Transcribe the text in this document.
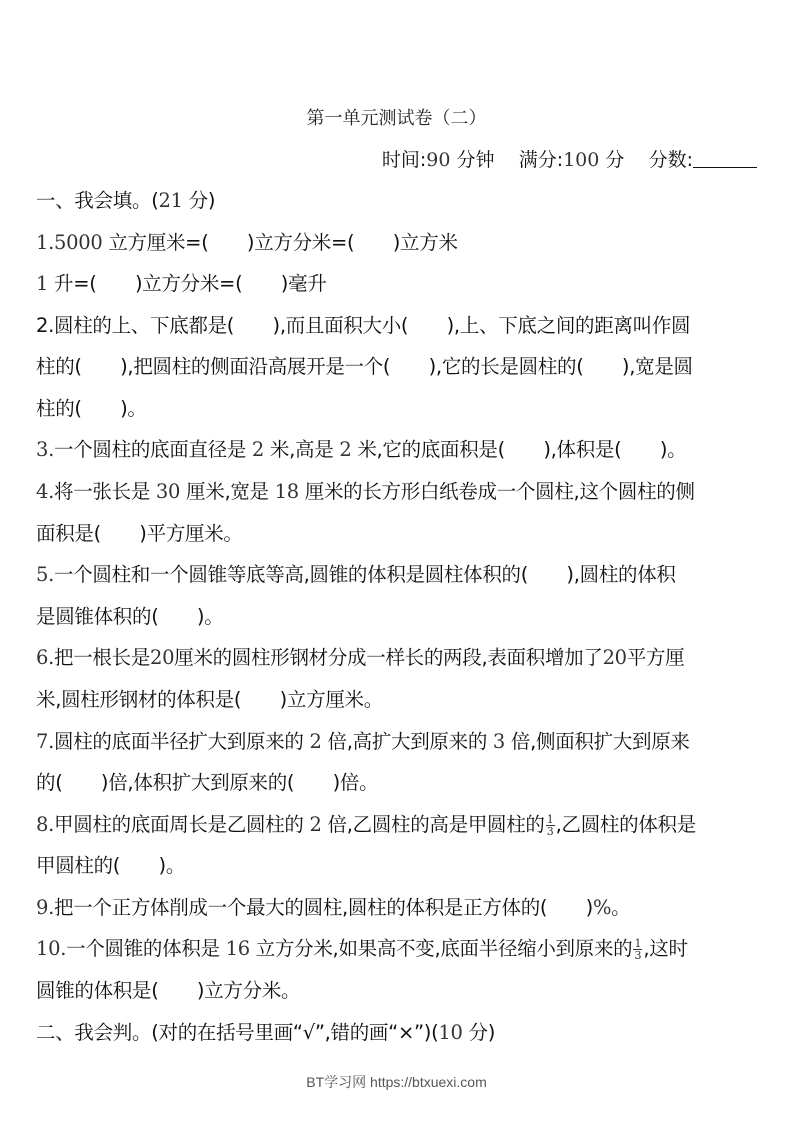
第一单元测试卷（二）
时间:90 分钟 满分:100 分 分数:
一、我会填。(21 分)
1.5000 立方厘米=(　　)立方分米=(　　)立方米
1 升=(　　)立方分米=(　　)毫升
2.圆柱的上、下底都是(　　),而且面积大小(　　),上、下底之间的距离叫作圆
柱的(　　),把圆柱的侧面沿高展开是一个(　　),它的长是圆柱的(　　),宽是圆
柱的(　　)。
3.一个圆柱的底面直径是 2 米,高是 2 米,它的底面积是(　　),体积是(　　)。
4.将一张长是 30 厘米,宽是 18 厘米的长方形白纸卷成一个圆柱,这个圆柱的侧
面积是(　　)平方厘米。
5.一个圆柱和一个圆锥等底等高,圆锥的体积是圆柱体积的(　　),圆柱的体积
是圆锥体积的(　　)。
6.把一根长是20厘米的圆柱形钢材分成一样长的两段,表面积增加了20平方厘
米,圆柱形钢材的体积是(　　)立方厘米。
7.圆柱的底面半径扩大到原来的 2 倍,高扩大到原来的 3 倍,侧面积扩大到原来
的(　　)倍,体积扩大到原来的(　　)倍。
8.甲圆柱的底面周长是乙圆柱的 2 倍,乙圆柱的高是甲圆柱的 $\frac{1}{3}$ ,乙圆柱的体积是
甲圆柱的(　　)。
9.把一个正方体削成一个最大的圆柱,圆柱的体积是正方体的(　　)%。
10.一个圆锥的体积是 16 立方分米,如果高不变,底面半径缩小到原来的 $\frac{1}{3}$ ,这时
圆锥的体积是(　　)立方分米。
二、我会判。(对的在括号里画“√”,错的画“×”)(10 分)
BT学习网 https://btxuexi.com
